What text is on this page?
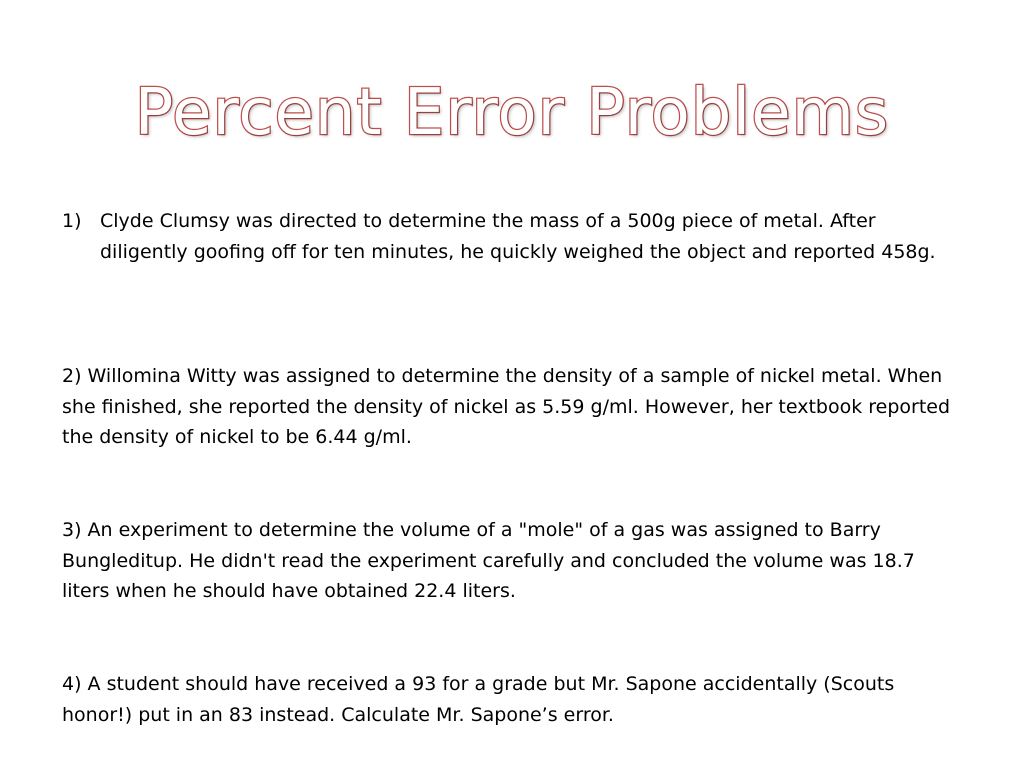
Percent Error Problems
1) Clyde Clumsy was directed to determine the mass of a 500g piece of metal. After diligently goofing off for ten minutes, he quickly weighed the object and reported 458g.

2) Willomina Witty was assigned to determine the density of a sample of nickel metal. When she finished, she reported the density of nickel as 5.59 g/ml. However, her textbook reported the density of nickel to be 6.44 g/ml.

3) An experiment to determine the volume of a "mole" of a gas was assigned to Barry Bungleditup. He didn't read the experiment carefully and concluded the volume was 18.7 liters when he should have obtained 22.4 liters.

4) A student should have received a 93 for a grade but Mr. Sapone accidentally (Scouts honor!) put in an 83 instead. Calculate Mr. Sapone’s error.
